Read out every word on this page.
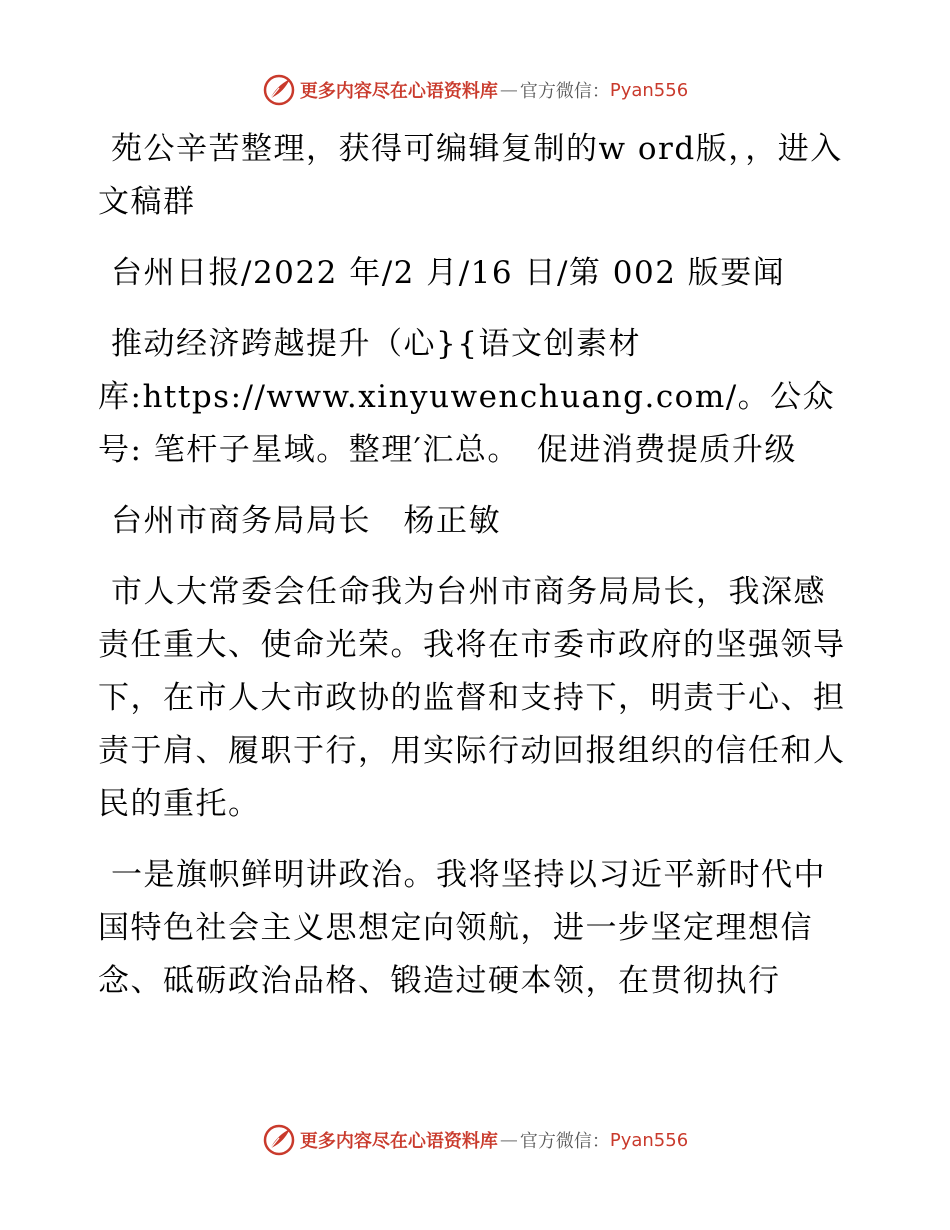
更多内容尽在心语资料库 — 官方微信： Pyan556

苑公辛苦整理，获得可编辑复制的w ord版，，进入文稿群

台州日报/2022 年/2 月/16 日/第 002 版要闻

推动经济跨越提升（心}{语文创素材库:https://www.xinyuwenchuang.com/。公众号: 笔杆子星域。整理′汇总。　促进消费提质升级

台州市商务局局长　杨正敏

市人大常委会任命我为台州市商务局局长，我深感责任重大、使命光荣。我将在市委市政府的坚强领导下，在市人大市政协的监督和支持下，明责于心、担责于肩、履职于行，用实际行动回报组织的信任和人民的重托。

一是旗帜鲜明讲政治。我将坚持以习近平新时代中国特色社会主义思想定向领航，进一步坚定理想信念、砥砺政治品格、锻造过硬本领，在贯彻执行

更多内容尽在心语资料库 — 官方微信： Pyan556
